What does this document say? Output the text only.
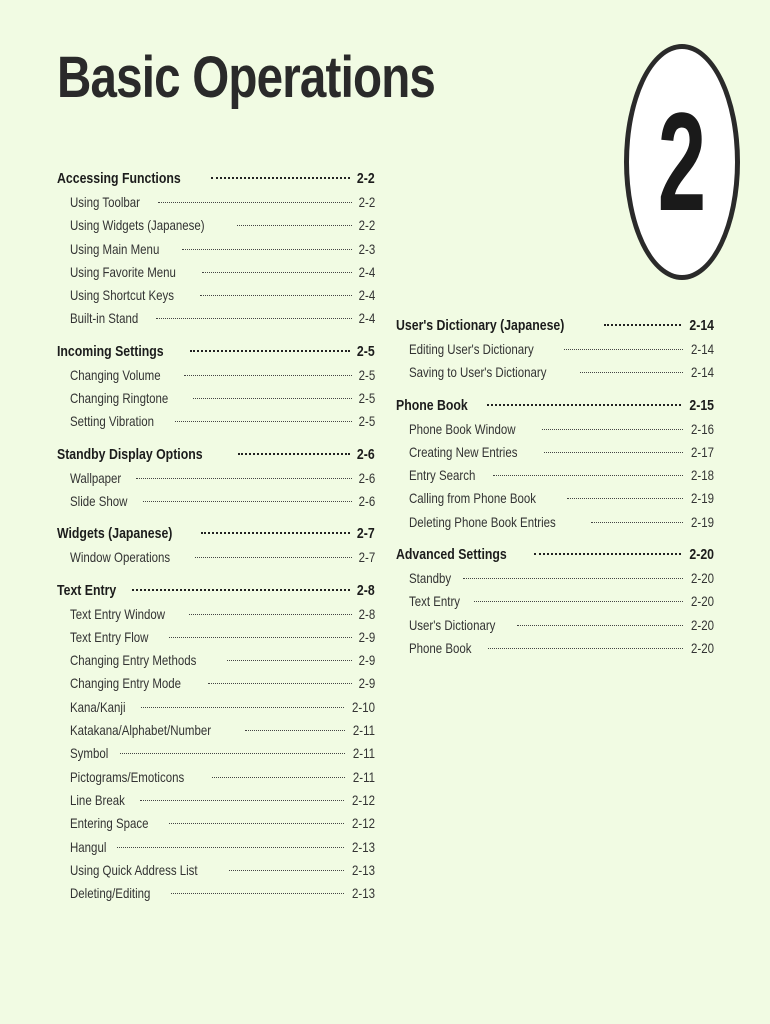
Basic Operations
2
Accessing Functions	2-2
Using Toolbar	2-2
Using Widgets (Japanese)	2-2
Using Main Menu	2-3
Using Favorite Menu	2-4
Using Shortcut Keys	2-4
Built-in Stand	2-4
Incoming Settings	2-5
Changing Volume	2-5
Changing Ringtone	2-5
Setting Vibration	2-5
Standby Display Options	2-6
Wallpaper	2-6
Slide Show	2-6
Widgets (Japanese)	2-7
Window Operations	2-7
Text Entry	2-8
Text Entry Window	2-8
Text Entry Flow	2-9
Changing Entry Methods	2-9
Changing Entry Mode	2-9
Kana/Kanji	2-10
Katakana/Alphabet/Number	2-11
Symbol	2-11
Pictograms/Emoticons	2-11
Line Break	2-12
Entering Space	2-12
Hangul	2-13
Using Quick Address List	2-13
Deleting/Editing	2-13
User's Dictionary (Japanese)	2-14
Editing User's Dictionary	2-14
Saving to User's Dictionary	2-14
Phone Book	2-15
Phone Book Window	2-16
Creating New Entries	2-17
Entry Search	2-18
Calling from Phone Book	2-19
Deleting Phone Book Entries	2-19
Advanced Settings	2-20
Standby	2-20
Text Entry	2-20
User's Dictionary	2-20
Phone Book	2-20
